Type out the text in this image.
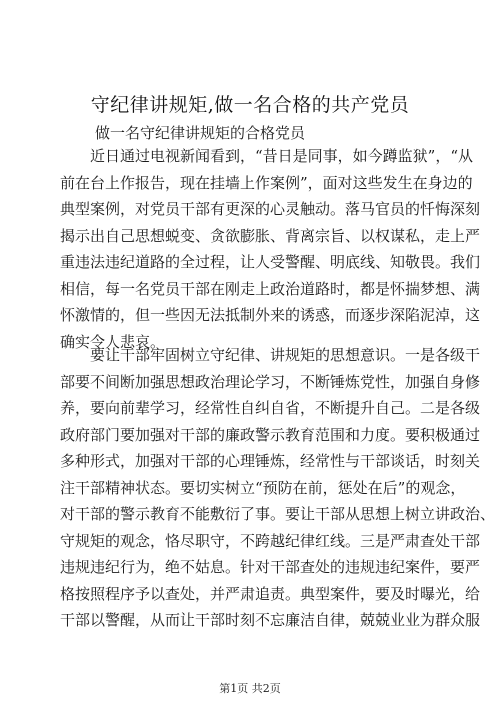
守纪律讲规矩,做一名合格的共产党员
做一名守纪律讲规矩的合格党员
　　近日通过电视新闻看到，“昔日是同事，如今蹲监狱”，“从
前在台上作报告，现在挂墙上作案例”，面对这些发生在身边的
典型案例，对党员干部有更深的心灵触动。落马官员的忏悔深刻
揭示出自己思想蜕变、贪欲膨胀、背离宗旨、以权谋私，走上严
重违法违纪道路的全过程，让人受警醒、明底线、知敬畏。我们
相信，每一名党员干部在刚走上政治道路时，都是怀揣梦想、满
怀激情的，但一些因无法抵制外来的诱惑，而逐步深陷泥淖，这
确实令人悲哀。
　　要让干部牢固树立守纪律、讲规矩的思想意识。一是各级干
部要不间断加强思想政治理论学习，不断锤炼党性，加强自身修
养，要向前辈学习，经常性自纠自省，不断提升自己。二是各级
政府部门要加强对干部的廉政警示教育范围和力度。要积极通过
多种形式，加强对干部的心理锤炼，经常性与干部谈话，时刻关
注干部精神状态。要切实树立“预防在前，惩处在后”的观念，
对干部的警示教育不能敷衍了事。要让干部从思想上树立讲政治、
守规矩的观念，恪尽职守，不跨越纪律红线。三是严肃查处干部
违规违纪行为，绝不姑息。针对干部查处的违规违纪案件，要严
格按照程序予以查处，并严肃追责。典型案件，要及时曝光，给
干部以警醒，从而让干部时刻不忘廉洁自律，兢兢业业为群众服
第1页 共2页
